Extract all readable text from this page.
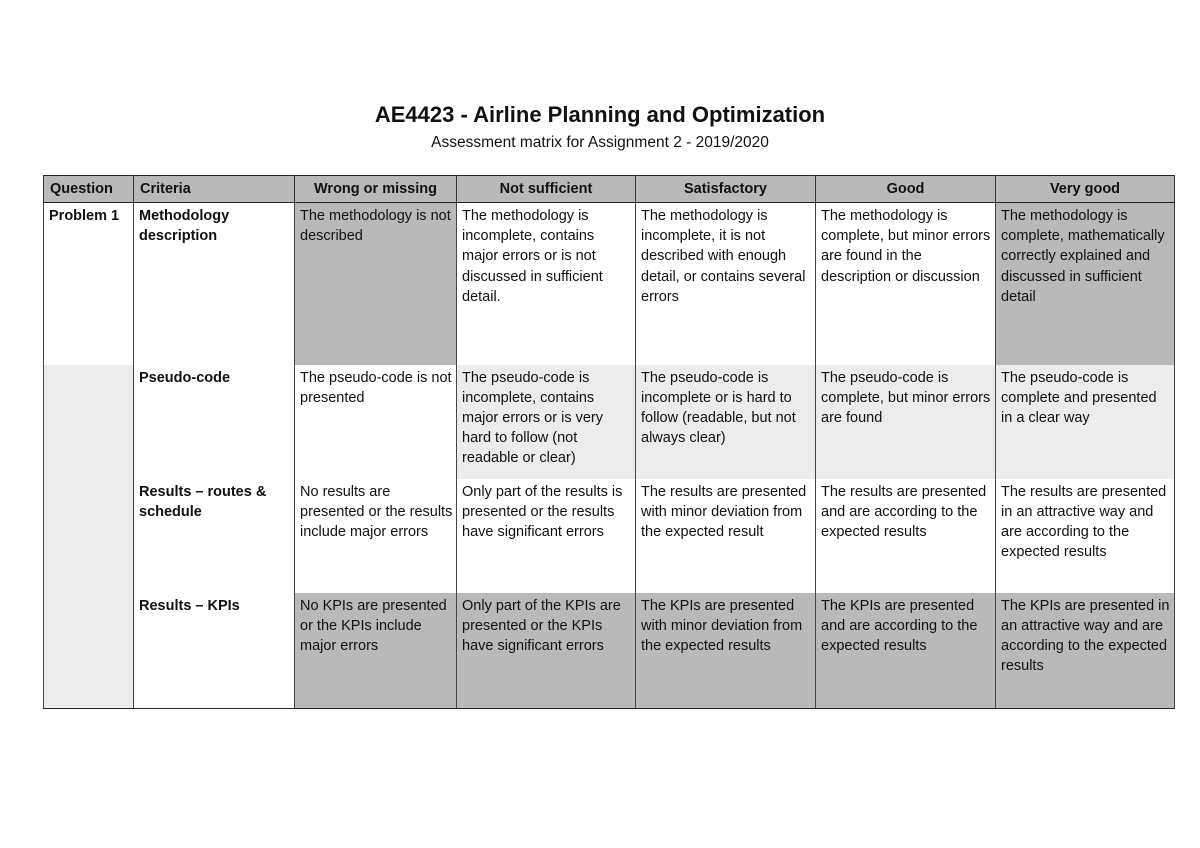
AE4423 - Airline Planning and Optimization
Assessment matrix for Assignment 2 - 2019/2020
Question	Criteria	Wrong or missing	Not sufficient	Satisfactory	Good	Very good
Problem 1	Methodology description	The methodology is not described	The methodology is incomplete, contains major errors or is not discussed in sufficient detail.	The methodology is incomplete, it is not described with enough detail, or contains several errors	The methodology is complete, but minor errors are found in the description or discussion	The methodology is complete, mathematically correctly explained and discussed in sufficient detail
	Pseudo-code	The pseudo-code is not presented	The pseudo-code is incomplete, contains major errors or is very hard to follow (not readable or clear)	The pseudo-code is incomplete or is hard to follow (readable, but not always clear)	The pseudo-code is complete, but minor errors are found	The pseudo-code is complete and presented in a clear way
	Results – routes & schedule	No results are presented or the results include major errors	Only part of the results is presented or the results have significant errors	The results are presented with minor deviation from the expected result	The results are presented and are according to the expected results	The results are presented in an attractive way and are according to the expected results
	Results – KPIs	No KPIs are presented or the KPIs include major errors	Only part of the KPIs are presented or the KPIs have significant errors	The KPIs are presented with minor deviation from the expected results	The KPIs are presented and are according to the expected results	The KPIs are presented in an attractive way and are according to the expected results
